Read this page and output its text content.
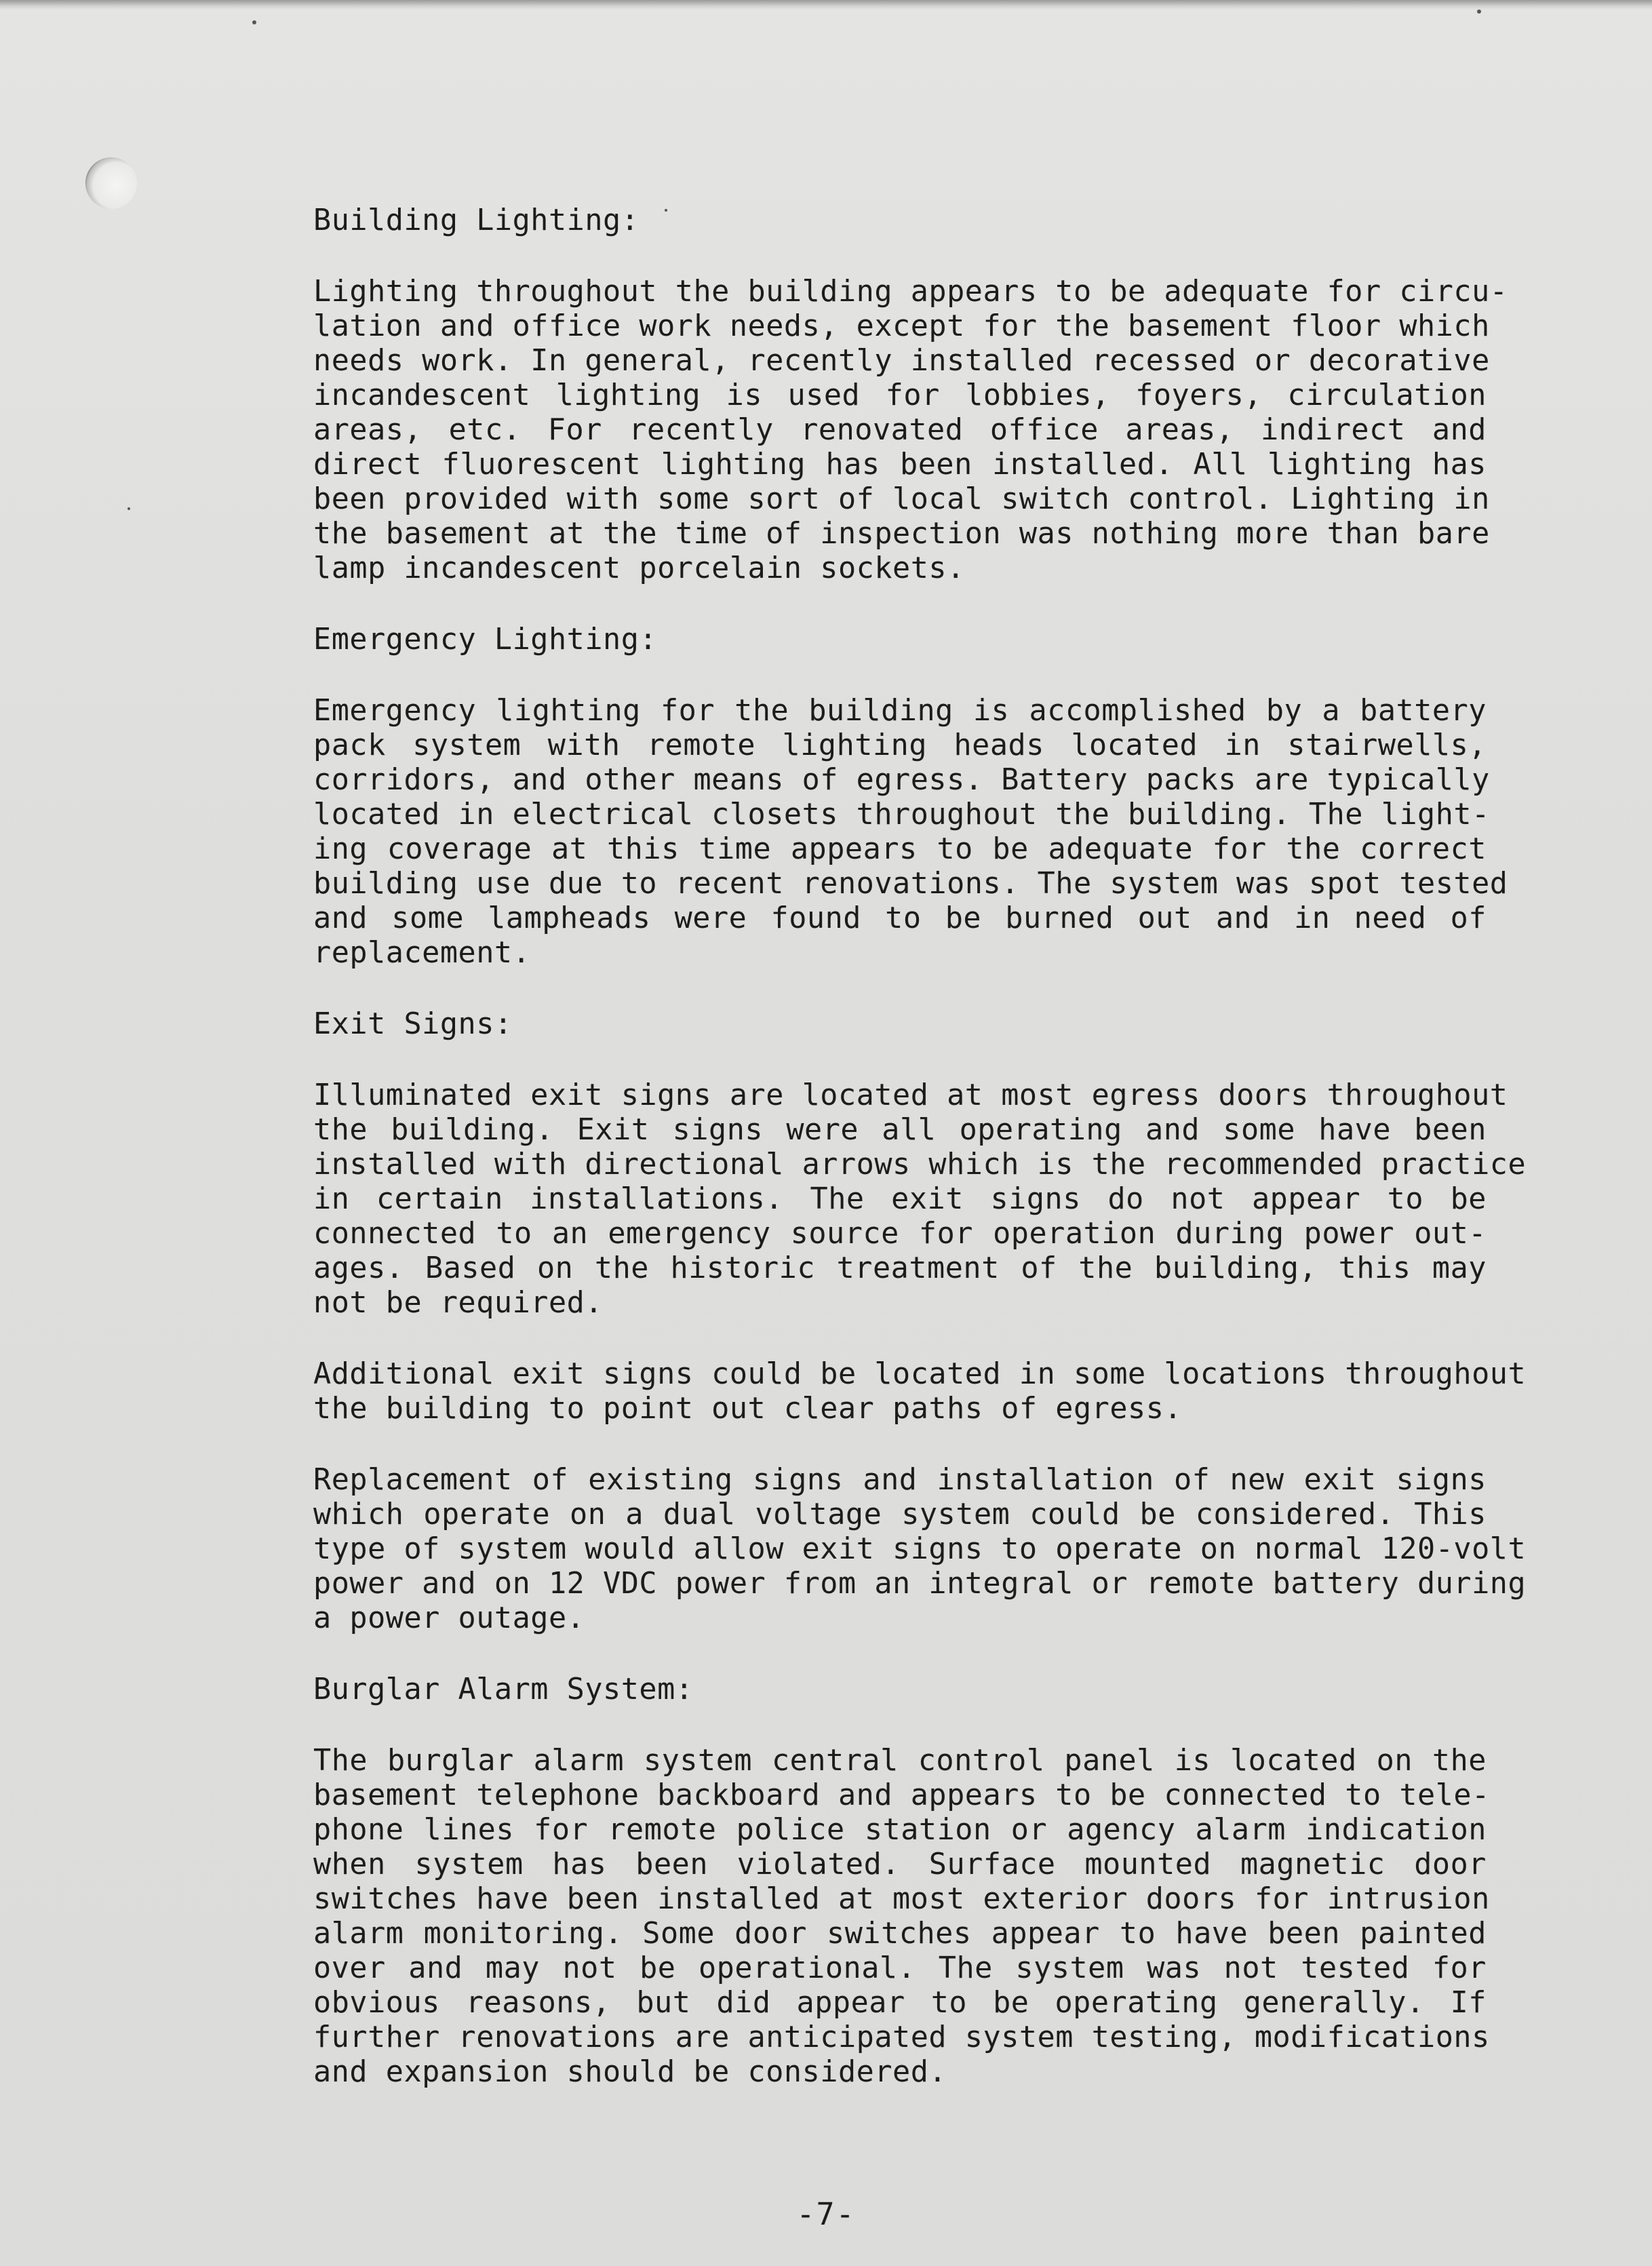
Building Lighting:
Lighting throughout the building appears to be adequate for circu-
lation and office work needs, except for the basement floor which
needs work. In general, recently installed recessed or decorative
incandescent lighting is used for lobbies, foyers, circulation
areas, etc. For recently renovated office areas, indirect and
direct fluorescent lighting has been installed. All lighting has
been provided with some sort of local switch control. Lighting in
the basement at the time of inspection was nothing more than bare
lamp incandescent porcelain sockets.
Emergency Lighting:
Emergency lighting for the building is accomplished by a battery
pack system with remote lighting heads located in stairwells,
corridors, and other means of egress. Battery packs are typically
located in electrical closets throughout the building. The light-
ing coverage at this time appears to be adequate for the correct
building use due to recent renovations. The system was spot tested
and some lampheads were found to be burned out and in need of
replacement.
Exit Signs:
Illuminated exit signs are located at most egress doors throughout
the building. Exit signs were all operating and some have been
installed with directional arrows which is the recommended practice
in certain installations. The exit signs do not appear to be
connected to an emergency source for operation during power out-
ages. Based on the historic treatment of the building, this may
not be required.
Additional exit signs could be located in some locations throughout
the building to point out clear paths of egress.
Replacement of existing signs and installation of new exit signs
which operate on a dual voltage system could be considered. This
type of system would allow exit signs to operate on normal 120-volt
power and on 12 VDC power from an integral or remote battery during
a power outage.
Burglar Alarm System:
The burglar alarm system central control panel is located on the
basement telephone backboard and appears to be connected to tele-
phone lines for remote police station or agency alarm indication
when system has been violated. Surface mounted magnetic door
switches have been installed at most exterior doors for intrusion
alarm monitoring. Some door switches appear to have been painted
over and may not be operational. The system was not tested for
obvious reasons, but did appear to be operating generally. If
further renovations are anticipated system testing, modifications
and expansion should be considered.
-7-
